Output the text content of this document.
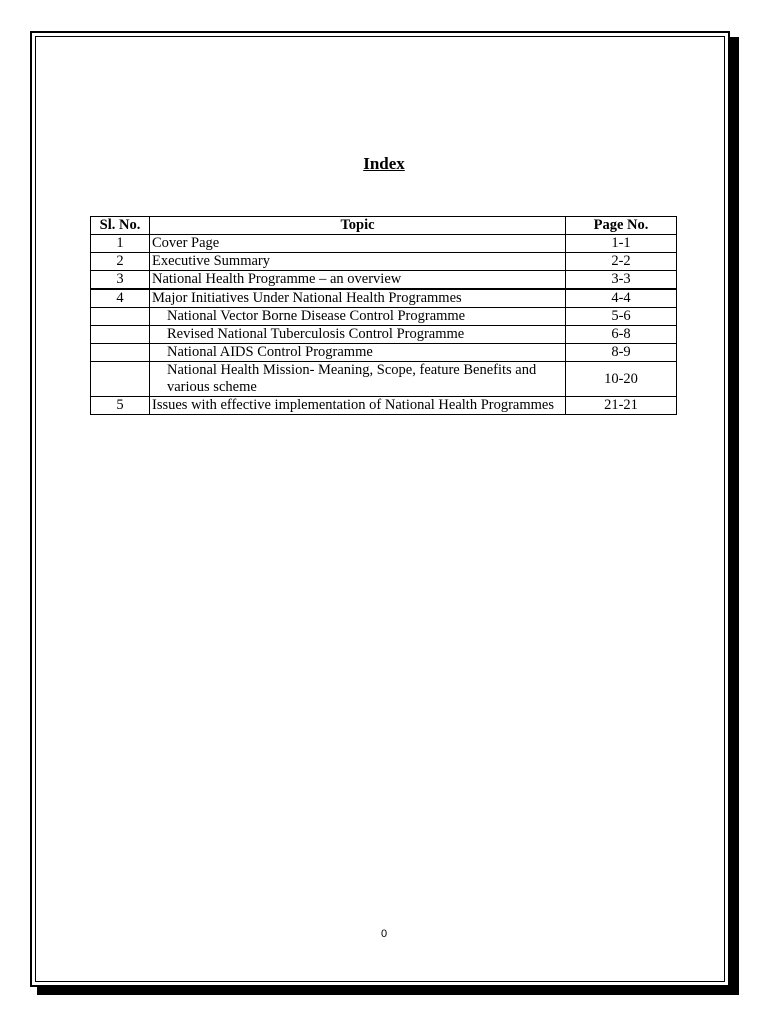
Index
Sl. No.	Topic	Page No.
1	Cover Page	1-1
2	Executive Summary	2-2
3	National Health Programme – an overview	3-3
4	Major Initiatives Under National Health Programmes	4-4
	National Vector Borne Disease Control Programme	5-6
	Revised National Tuberculosis Control Programme	6-8
	National AIDS Control Programme	8-9
	National Health Mission- Meaning, Scope, feature Benefits and various scheme	10-20
5	Issues with effective implementation of National Health Programmes	21-21
0
